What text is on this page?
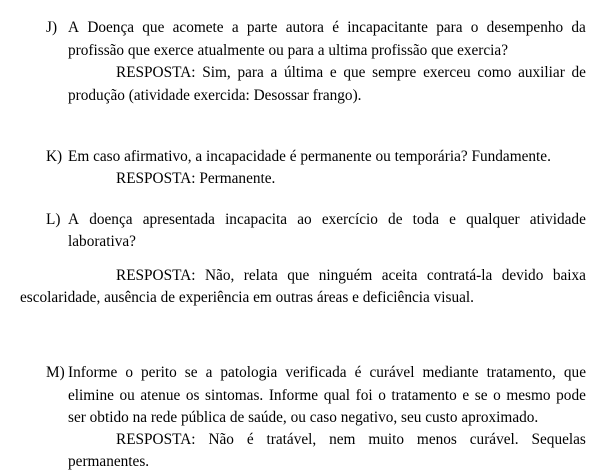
J) A Doença que acomete a parte autora é incapacitante para o desempenho da
profissão que exerce atualmente ou para a ultima profissão que exercia?
RESPOSTA: Sim, para a última e que sempre exerceu como auxiliar de
produção (atividade exercida: Desossar frango).
K) Em caso afirmativo, a incapacidade é permanente ou temporária? Fundamente.
RESPOSTA: Permanente.
L) A doença apresentada incapacita ao exercício de toda e qualquer atividade
laborativa?
RESPOSTA: Não, relata que ninguém aceita contratá-la devido baixa
escolaridade, ausência de experiência em outras áreas e deficiência visual.
M) Informe o perito se a patologia verificada é curável mediante tratamento, que
elimine ou atenue os sintomas. Informe qual foi o tratamento e se o mesmo pode
ser obtido na rede pública de saúde, ou caso negativo, seu custo aproximado.
RESPOSTA: Não é tratável, nem muito menos curável. Sequelas
permanentes.
